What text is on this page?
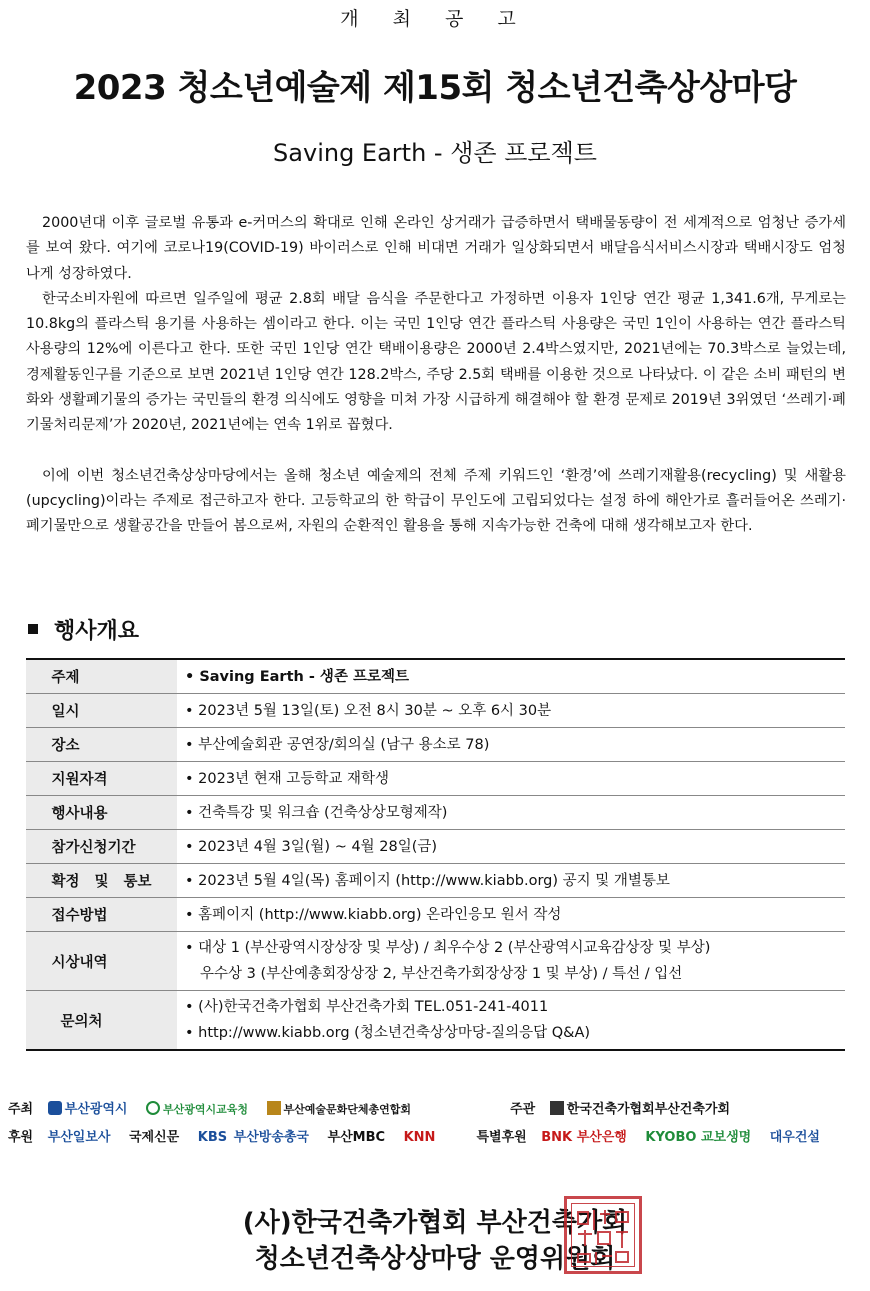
개 최 공 고
2023 청소년예술제 제15회 청소년건축상상마당
Saving Earth - 생존 프로젝트

2000년대 이후 글로벌 유통과 e-커머스의 확대로 인해 온라인 상거래가 급증하면서 택배물동량이 전 세계적으로 엄청난 증가세를 보여 왔다. 여기에 코로나19(COVID-19) 바이러스로 인해 비대면 거래가 일상화되면서 배달음식서비스시장과 택배시장도 엄청나게 성장하였다.

한국소비자원에 따르면 일주일에 평균 2.8회 배달 음식을 주문한다고 가정하면 이용자 1인당 연간 평균 1,341.6개, 무게로는 10.8kg의 플라스틱 용기를 사용하는 셈이라고 한다. 이는 국민 1인당 연간 플라스틱 사용량은 국민 1인이 사용하는 연간 플라스틱 사용량의 12%에 이른다고 한다. 또한 국민 1인당 연간 택배이용량은 2000년 2.4박스였지만, 2021년에는 70.3박스로 늘었는데, 경제활동인구를 기준으로 보면 2021년 1인당 연간 128.2박스, 주당 2.5회 택배를 이용한 것으로 나타났다. 이 같은 소비 패턴의 변화와 생활폐기물의 증가는 국민들의 환경 의식에도 영향을 미쳐 가장 시급하게 해결해야 할 환경 문제로 2019년 3위였던 ‘쓰레기·폐기물처리문제’가 2020년, 2021년에는 연속 1위로 꼽혔다.

이에 이번 청소년건축상상마당에서는 올해 청소년 예술제의 전체 주제 키워드인 ‘환경’에 쓰레기재활용(recycling) 및 새활용(upcycling)이라는 주제로 접근하고자 한다. 고등학교의 한 학급이 무인도에 고립되었다는 설정 하에 해안가로 흘러들어온 쓰레기·폐기물만으로 생활공간을 만들어 봄으로써, 자원의 순환적인 활용을 통해 지속가능한 건축에 대해 생각해보고자 한다.

행사개요
주제	• Saving Earth - 생존 프로젝트

일시	• 2023년 5월 13일(토) 오전 8시 30분 ~ 오후 6시 30분

장소	• 부산예술회관 공연장/회의실 (남구 용소로 78)

지원자격	• 2023년 현재 고등학교 재학생

행사내용	• 건축특강 및 워크숍 (건축상상모형제작)

참가신청기간	• 2023년 4월 3일(월) ~ 4월 28일(금)

확정 및 통보	• 2023년 5월 4일(목) 홈페이지 (http://www.kiabb.org) 공지 및 개별통보

접수방법	• 홈페이지 (http://www.kiabb.org) 온라인응모 원서 작성

시상내역	• 대상 1 (부산광역시장상장 및 부상) / 최우수상 2 (부산광역시교육감상장 및 부상)
우수상 3 (부산예총회장상장 2, 부산건축가회장상장 1 및 부상) / 특선 / 입선

문의처	• (사)한국건축가협회 부산건축가회 TEL.051-241-4011
• http://www.kiabb.org (청소년건축상상마당-질의응답 Q&A)
주최 부산광역시	부산광역시교육청	부산예술문화단체총연합회	주관 한국건축가협회부산건축가회
후원 부산일보사 국제신문 KBS 부산방송총국 부산MBC KNN	특별후원 BNK 부산은행 KYOBO 교보생명 대우건설
(사)한국건축가협회 부산건축가회
청소년건축상상마당 운영위원회
